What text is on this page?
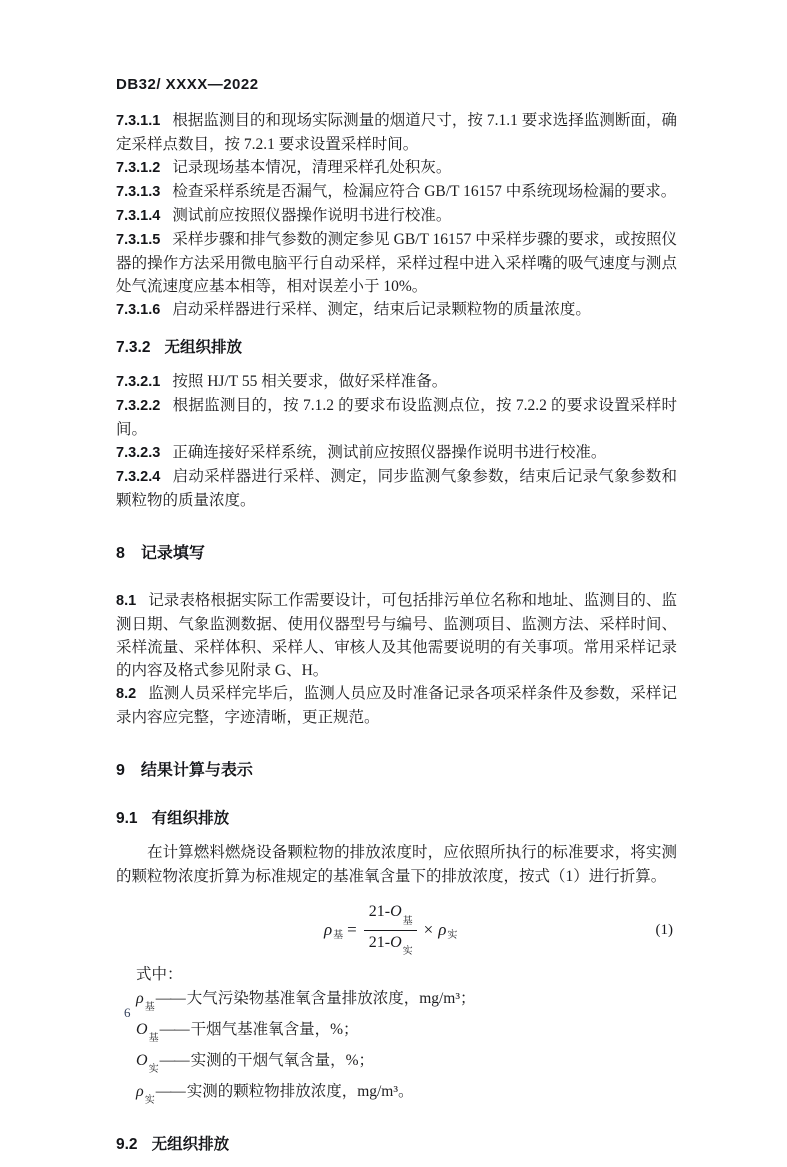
DB32/ XXXX—2022

7.3.1.1 根据监测目的和现场实际测量的烟道尺寸，按 7.1.1 要求选择监测断面，确定采样点数目，按 7.2.1 要求设置采样时间。

7.3.1.2 记录现场基本情况，清理采样孔处积灰。

7.3.1.3 检查采样系统是否漏气，检漏应符合 GB/T 16157 中系统现场检漏的要求。

7.3.1.4 测试前应按照仪器操作说明书进行校准。

7.3.1.5 采样步骤和排气参数的测定参见 GB/T 16157 中采样步骤的要求，或按照仪器的操作方法采用微电脑平行自动采样，采样过程中进入采样嘴的吸气速度与测点处气流速度应基本相等，相对误差小于 10%。

7.3.1.6 启动采样器进行采样、测定，结束后记录颗粒物的质量浓度。

7.3.2 无组织排放

7.3.2.1 按照 HJ/T 55 相关要求，做好采样准备。

7.3.2.2 根据监测目的，按 7.1.2 的要求布设监测点位，按 7.2.2 的要求设置采样时间。

7.3.2.3 正确连接好采样系统，测试前应按照仪器操作说明书进行校准。

7.3.2.4 启动采样器进行采样、测定，同步监测气象参数，结束后记录气象参数和颗粒物的质量浓度。

8 记录填写

8.1 记录表格根据实际工作需要设计，可包括排污单位名称和地址、监测目的、监测日期、气象监测数据、使用仪器型号与编号、监测项目、监测方法、采样时间、采样流量、采样体积、采样人、审核人及其他需要说明的有关事项。常用采样记录的内容及格式参见附录 G、H。

8.2 监测人员采样完毕后，监测人员应及时准备记录各项采样条件及参数，采样记录内容应完整，字迹清晰，更正规范。

9 结果计算与表示
9.1 有组织排放

在计算燃料燃烧设备颗粒物的排放浓度时，应依照所执行的标准要求，将实测的颗粒物浓度折算为标准规定的基准氧含量下的排放浓度，按式（1）进行折算。

$\rho_基 = \frac{21-O_基}{21-O_实} \times \rho_实$	(1)
式中：
$\rho_基——$ 大气污染物基准氧含量排放浓度，mg/m³；
$O_基——$ 干烟气基准氧含量，%；
$O_实——$ 实测的干烟气氧含量，%；
$\rho_实——$ 实测的颗粒物排放浓度，mg/m³。
9.2 无组织排放
6
